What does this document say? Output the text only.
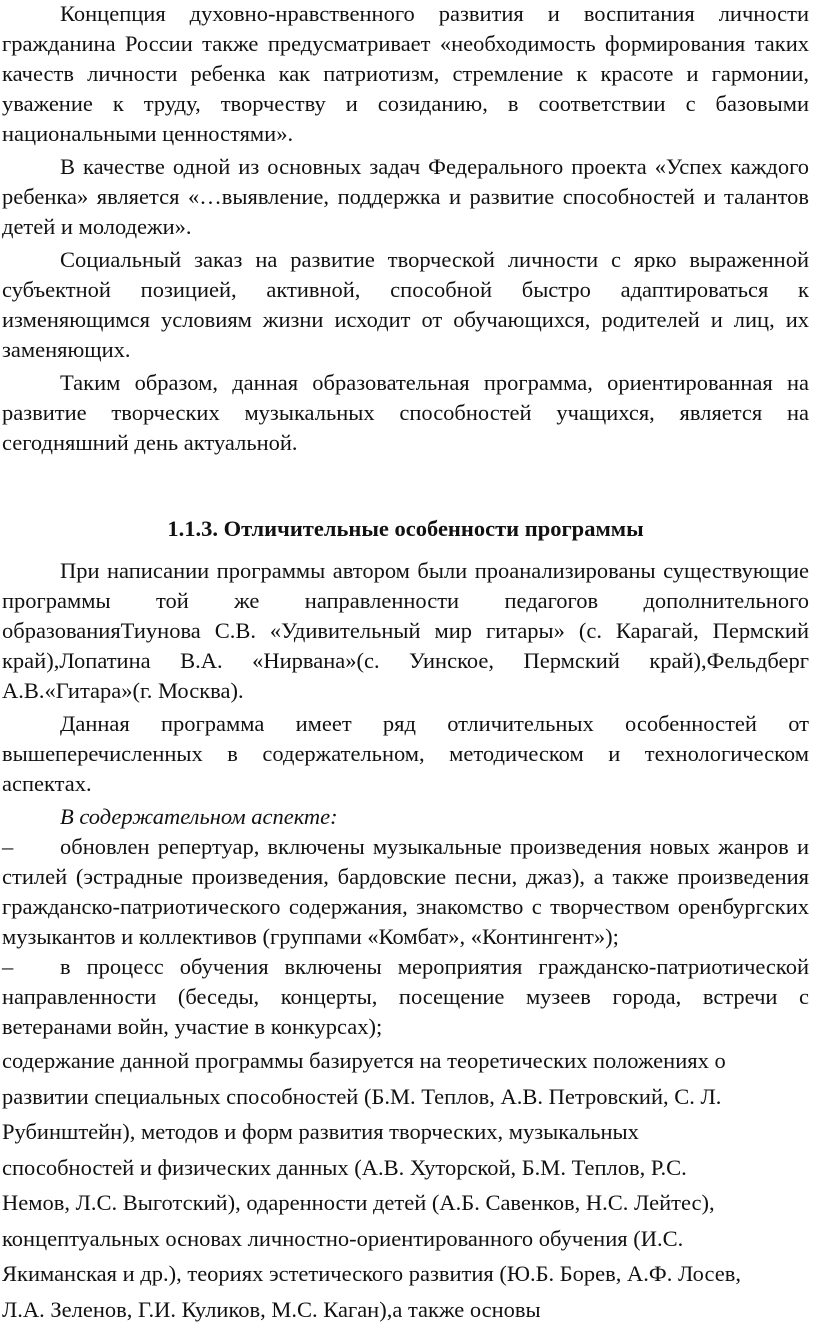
Концепция духовно-нравственного развития и воспитания личности гражданина России также предусматривает «необходимость формирования таких качеств личности ребенка как патриотизм, стремление к красоте и гармонии, уважение к труду, творчеству и созиданию, в соответствии с базовыми национальными ценностями».

В качестве одной из основных задач Федерального проекта «Успех каждого ребенка» является «…выявление, поддержка и развитие способностей и талантов детей и молодежи».

Социальный заказ на развитие творческой личности с ярко выраженной субъектной позицией, активной, способной быстро адаптироваться к изменяющимся условиям жизни исходит от обучающихся, родителей и лиц, их заменяющих.

Таким образом, данная образовательная программа, ориентированная на развитие творческих музыкальных способностей учащихся, является на сегодняшний день актуальной.

1.1.3. Отличительные особенности программы

При написании программы автором были проанализированы существующие программы той же направленности педагогов дополнительного образованияТиунова С.В. «Удивительный мир гитары» (с. Карагай, Пермский край),Лопатина В.А. «Нирвана»(с. Уинское, Пермский край),Фельдберг А.В.«Гитара»(г. Москва).

Данная программа имеет ряд отличительных особенностей от вышеперечисленных в содержательном, методическом и технологическом аспектах.

В содержательном аспекте:

– обновлен репертуар, включены музыкальные произведения новых жанров и стилей (эстрадные произведения, бардовские песни, джаз), а также произведения гражданско-патриотического содержания, знакомство с творчеством оренбургских музыкантов и коллективов (группами «Комбат», «Контингент»);

– в процесс обучения включены мероприятия гражданско-патриотической направленности (беседы, концерты, посещение музеев города, встречи с ветеранами войн, участие в конкурсах);

содержание данной программы базируется на теоретических положениях о

развитии специальных способностей (Б.М. Теплов, А.В. Петровский, С. Л.

Рубинштейн), методов и форм развития творческих, музыкальных

способностей и физических данных (А.В. Хуторской, Б.М. Теплов, Р.С.

Немов, Л.С. Выготский), одаренности детей (А.Б. Савенков, Н.С. Лейтес),

концептуальных основах личностно-ориентированного обучения (И.С.

Якиманская и др.), теориях эстетического развития (Ю.Б. Борев, А.Ф. Лосев,

Л.А. Зеленов, Г.И. Куликов, М.С. Каган),а также основы
